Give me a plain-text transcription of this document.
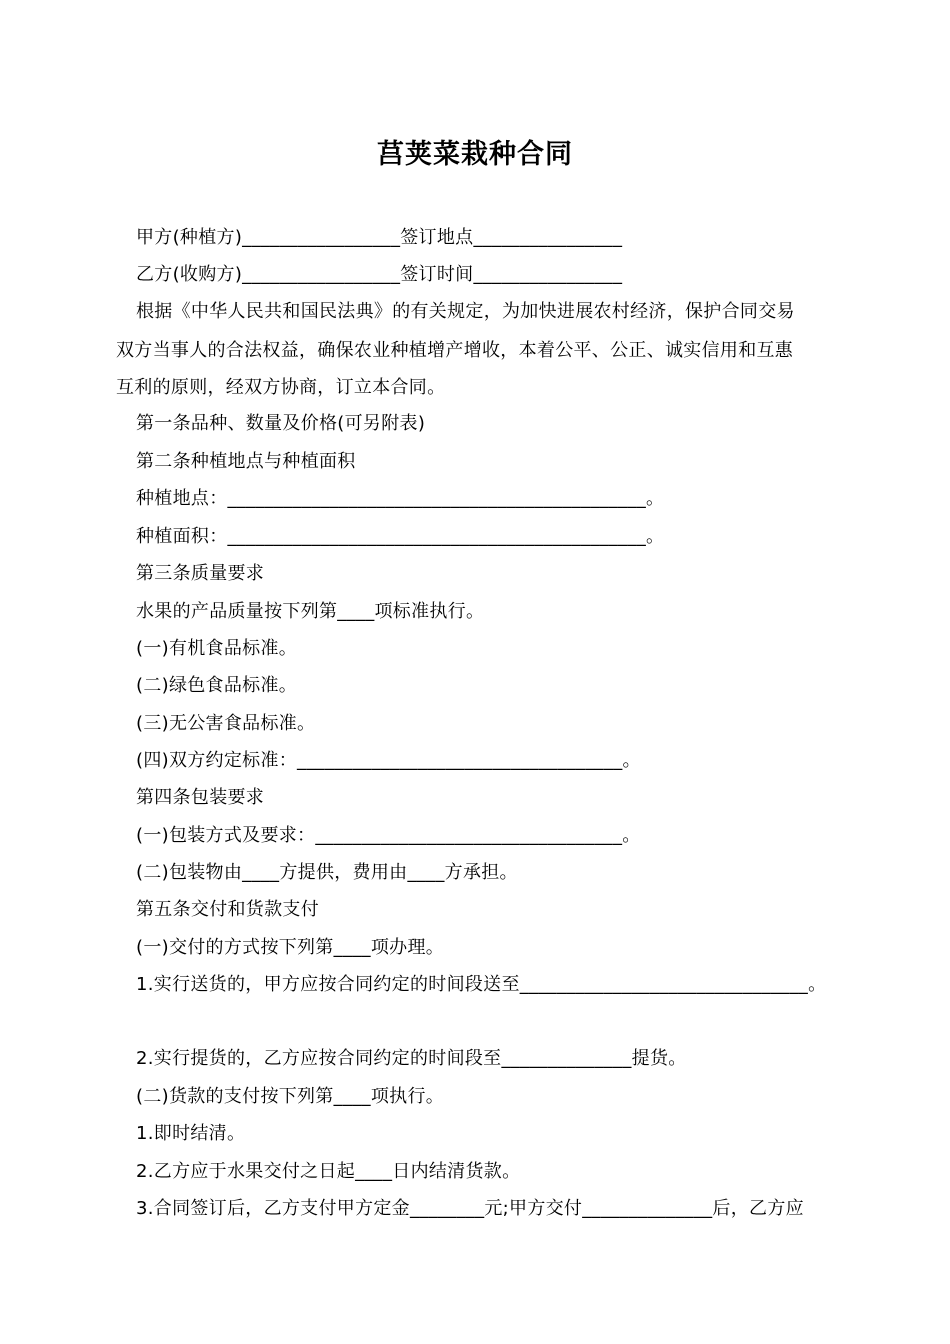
莒荚菜栽种合同
甲方(种植方)_________________签订地点________________
乙方(收购方)_________________签订时间________________
根据《中华人民共和国民法典》的有关规定，为加快进展农村经济，保护合同交易
双方当事人的合法权益，确保农业种植增产增收，本着公平、公正、诚实信用和互惠
互利的原则，经双方协商，订立本合同。
第一条品种、数量及价格(可另附表)
第二条种植地点与种植面积
种植地点：_____________________________________________。
种植面积：_____________________________________________。
第三条质量要求
水果的产品质量按下列第____项标准执行。
(一)有机食品标准。
(二)绿色食品标准。
(三)无公害食品标准。
(四)双方约定标准：___________________________________。
第四条包装要求
(一)包装方式及要求：_________________________________。
(二)包装物由____方提供，费用由____方承担。
第五条交付和货款支付
(一)交付的方式按下列第____项办理。
1.实行送货的，甲方应按合同约定的时间段送至_______________________________。
2.实行提货的，乙方应按合同约定的时间段至______________提货。
(二)货款的支付按下列第____项执行。
1.即时结清。
2.乙方应于水果交付之日起____日内结清货款。
3.合同签订后，乙方支付甲方定金________元;甲方交付______________后，乙方应
